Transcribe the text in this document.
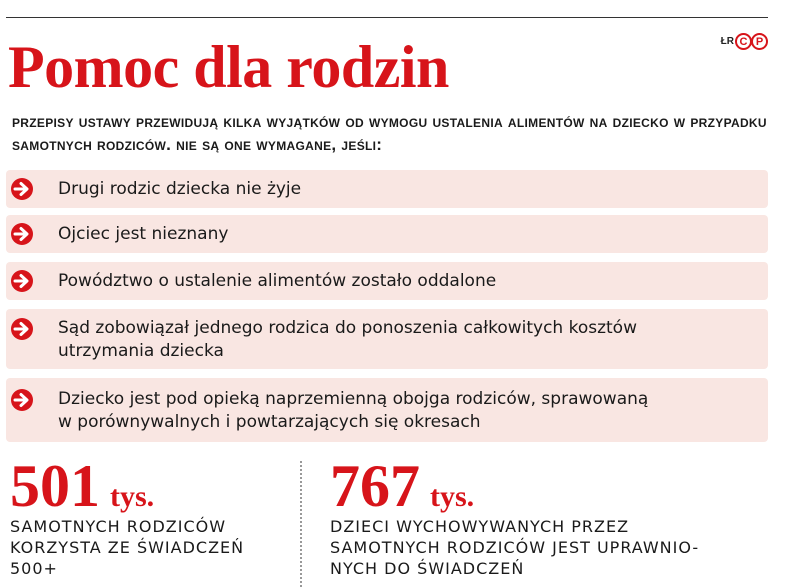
Pomoc dla rodzin	ŁR C P

przepisy ustawy przewidują kilka wyjątków od wymogu ustalenia alimentów na dziecko w przypadku samotnych rodziców. nie są one wymagane, jeśli:

Drugi rodzic dziecka nie żyje
Ojciec jest nieznany
Powództwo o ustalenie alimentów zostało oddalone
Sąd zobowiązał jednego rodzica do ponoszenia całkowitych kosztów
utrzymania dziecka
Dziecko jest pod opieką naprzemienną obojga rodziców, sprawowaną
w porównywalnych i powtarzających się okresach
501 tys.
SAMOTNYCH RODZICÓW
KORZYSTA ZE ŚWIADCZEŃ
500+
767 tys.
DZIECI WYCHOWYWANYCH PRZEZ
SAMOTNYCH RODZICÓW JEST UPRAWNIO-
NYCH DO ŚWIADCZEŃ
